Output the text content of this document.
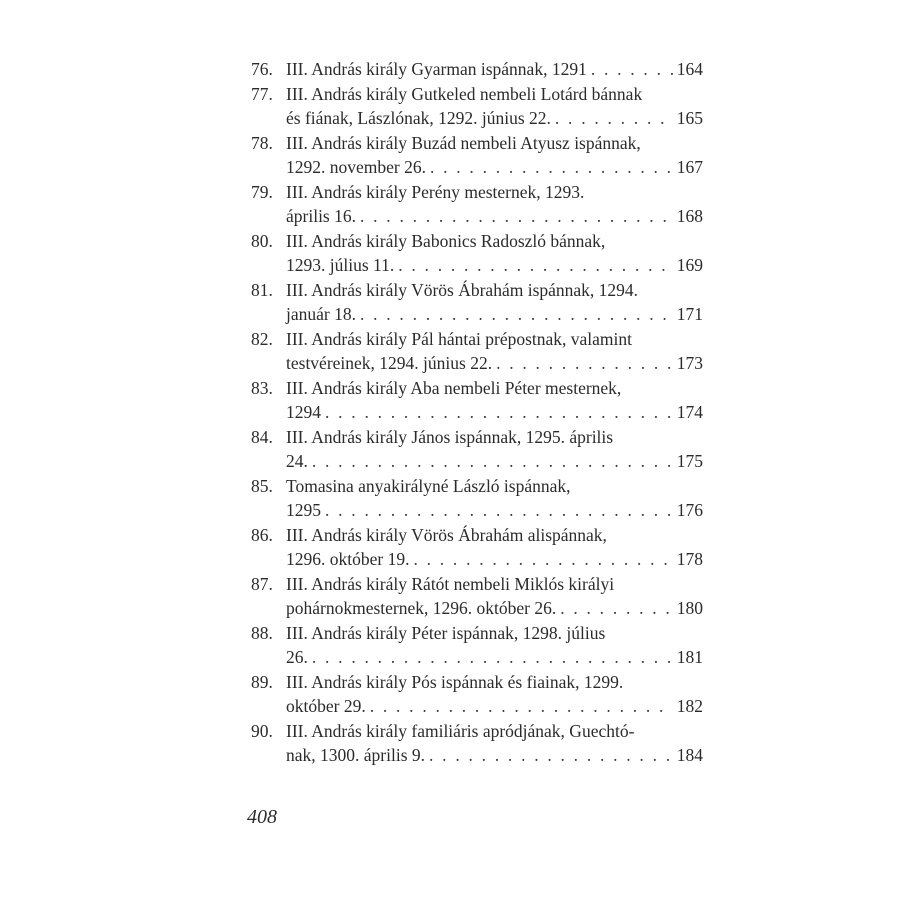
76. III. András király Gyarman ispánnak, 1291 . . .	164
77. III. András király Gutkeled nembeli Lotárd bánnak
és fiának, Lászlónak, 1292. június 22. . . .	165
78. III. András király Buzád nembeli Atyusz ispánnak,
1292. november 26. . . .	167
79. III. András király Perény mesternek, 1293.
április 16. . . .	168
80. III. András király Babonics Radoszló bánnak,
1293. július 11. . . .	169
81. III. András király Vörös Ábrahám ispánnak, 1294.
január 18. . . .	171
82. III. András király Pál hántai prépostnak, valamint
testvéreinek, 1294. június 22. . . .	173
83. III. András király Aba nembeli Péter mesternek,
1294 . . .	174
84. III. András király János ispánnak, 1295. április
24. . . .	175
85. Tomasina anyakirályné László ispánnak,
1295 . . .	176
86. III. András király Vörös Ábrahám alispánnak,
1296. október 19. . . .	178
87. III. András király Rátót nembeli Miklós királyi
pohárnokmesternek, 1296. október 26. . . .	180
88. III. András király Péter ispánnak, 1298. július
26. . . .	181
89. III. András király Pós ispánnak és fiainak, 1299.
október 29. . . .	182
90. III. András király familiáris apródjának, Guechtó-
nak, 1300. április 9. . . .	184
408
